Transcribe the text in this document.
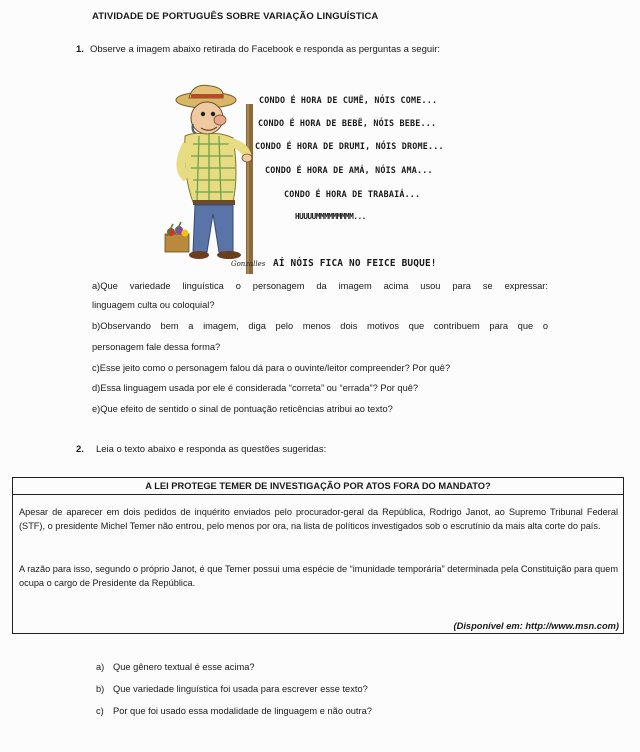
ATIVIDADE DE PORTUGUÊS SOBRE VARIAÇÃO LINGUÍSTICA
1. Observe a imagem abaixo retirada do Facebook e responda as perguntas a seguir:
Gonzalles
CONDO É HORA DE CUMÊ, NÓIS COME...
CONDO É HORA DE BEBÊ, NÓIS BEBE...
CONDO É HORA DE DRUMI, NÓIS DROME...
CONDO É HORA DE AMÁ, NÓIS AMA...
CONDO É HORA DE TRABAIÁ...
HUUUUMMMMMMMMM...
AÍ NÓIS FICA NO FEICE BUQUE!
a)Que variedade linguística o personagem da imagem acima usou para se expressar:
linguagem culta ou coloquial?
b)Observando bem a imagem, diga pelo menos dois motivos que contribuem para que o
personagem fale dessa forma?
c)Esse jeito como o personagem falou dá para o ouvinte/leitor compreender? Por quê?
d)Essa linguagem usada por ele é considerada “correta” ou “errada”? Por quê?
e)Que efeito de sentido o sinal de pontuação reticências atribui ao texto?
2. Leia o texto abaixo e responda as questões sugeridas:
A LEI PROTEGE TEMER DE INVESTIGAÇÃO POR ATOS FORA DO MANDATO?
Apesar de aparecer em dois pedidos de inquérito enviados pelo procurador-geral da República, Rodrigo Janot, ao Supremo Tribunal Federal (STF), o presidente Michel Temer não entrou, pelo menos por ora, na lista de políticos investigados sob o escrutínio da mais alta corte do país.
A razão para isso, segundo o próprio Janot, é que Temer possui uma espécie de “imunidade temporária” determinada pela Constituição para quem ocupa o cargo de Presidente da República.
(Disponível em: http://www.msn.com)
a) Que gênero textual é esse acima?
b) Que variedade linguística foi usada para escrever esse texto?
c) Por que foi usado essa modalidade de linguagem e não outra?
